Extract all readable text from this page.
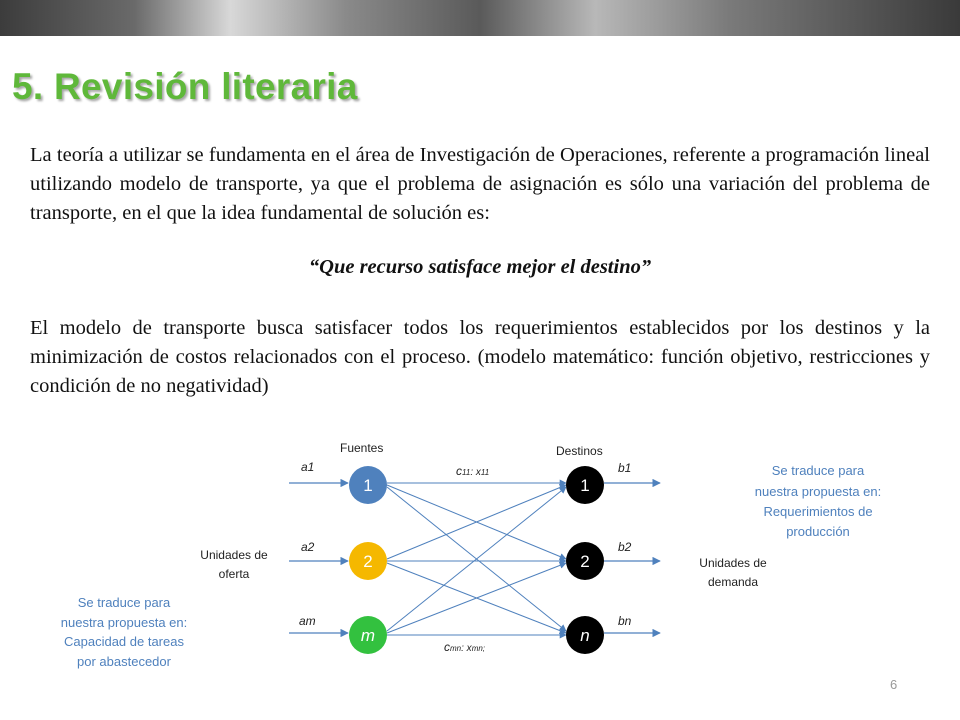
5. Revisión literaria

La teoría a utilizar se fundamenta en el área de Investigación de Operaciones, referente a programación lineal utilizando modelo de transporte, ya que el problema de asignación es sólo una variación del problema de transporte, en el que la idea fundamental de solución es:

“Que recurso satisface mejor el destino”

El modelo de transporte busca satisfacer todos los requerimientos establecidos por los destinos y la minimización de costos relacionados con el proceso. (modelo matemático: función objetivo, restricciones y condición de no negatividad)

Fuentes	Destinos
1
2
m
1
2
n
a1
a2
am
b1
b2
bn
c11: x11
cmn: xmn;
Unidades de
oferta
Unidades de
demanda
Se traduce para
nuestra propuesta en:
Requerimientos de
producción
Se traduce para
nuestra propuesta en:
Capacidad de tareas
por abastecedor
6
